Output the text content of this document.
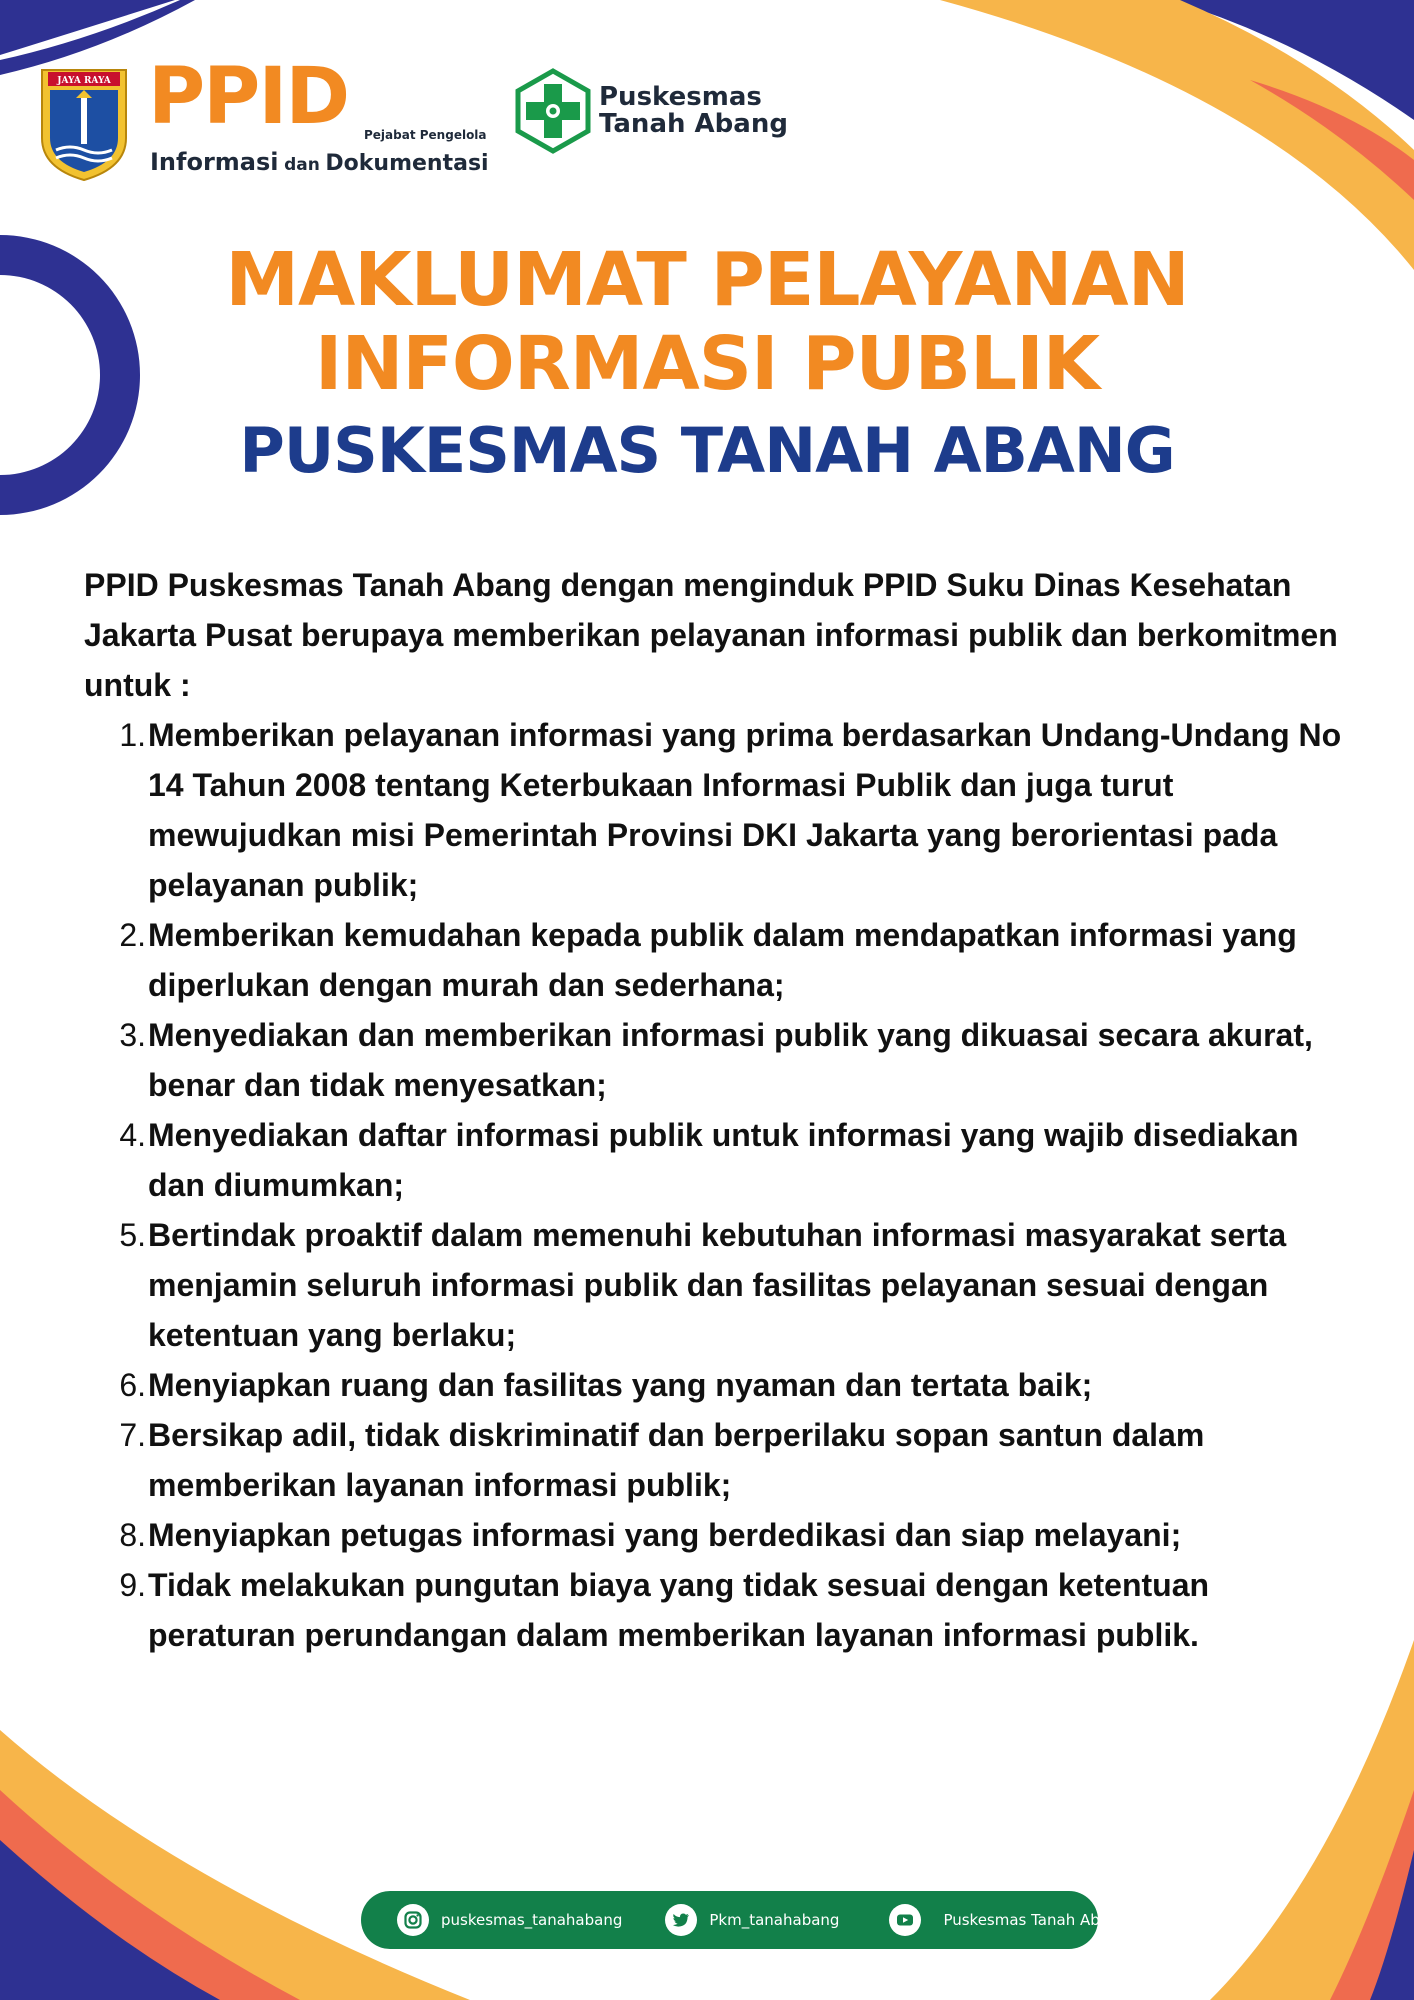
JAYA RAYA PPID Pejabat Pengelola
Informasi dan Dokumentasi
Puskesmas
Tanah Abang
MAKLUMAT PELAYANAN
INFORMASI PUBLIK
PUSKESMAS TANAH ABANG

PPID Puskesmas Tanah Abang dengan menginduk PPID Suku Dinas Kesehatan Jakarta Pusat berupaya memberikan pelayanan informasi publik dan berkomitmen untuk :

1. Memberikan pelayanan informasi yang prima berdasarkan Undang-Undang No 14 Tahun 2008 tentang Keterbukaan Informasi Publik dan juga turut mewujudkan misi Pemerintah Provinsi DKI Jakarta yang berorientasi pada pelayanan publik;
2. Memberikan kemudahan kepada publik dalam mendapatkan informasi yang diperlukan dengan murah dan sederhana;
3. Menyediakan dan memberikan informasi publik yang dikuasai secara akurat, benar dan tidak menyesatkan;
4. Menyediakan daftar informasi publik untuk informasi yang wajib disediakan dan diumumkan;
5. Bertindak proaktif dalam memenuhi kebutuhan informasi masyarakat serta menjamin seluruh informasi publik dan fasilitas pelayanan sesuai dengan ketentuan yang berlaku;
6. Menyiapkan ruang dan fasilitas yang nyaman dan tertata baik;
7. Bersikap adil, tidak diskriminatif dan berperilaku sopan santun dalam memberikan layanan informasi publik;
8. Menyiapkan petugas informasi yang berdedikasi dan siap melayani;
9. Tidak melakukan pungutan biaya yang tidak sesuai dengan ketentuan peraturan perundangan dalam memberikan layanan informasi publik.
puskesmas_tanahabang	Pkm_tanahabang	Puskesmas Tanah Abang
